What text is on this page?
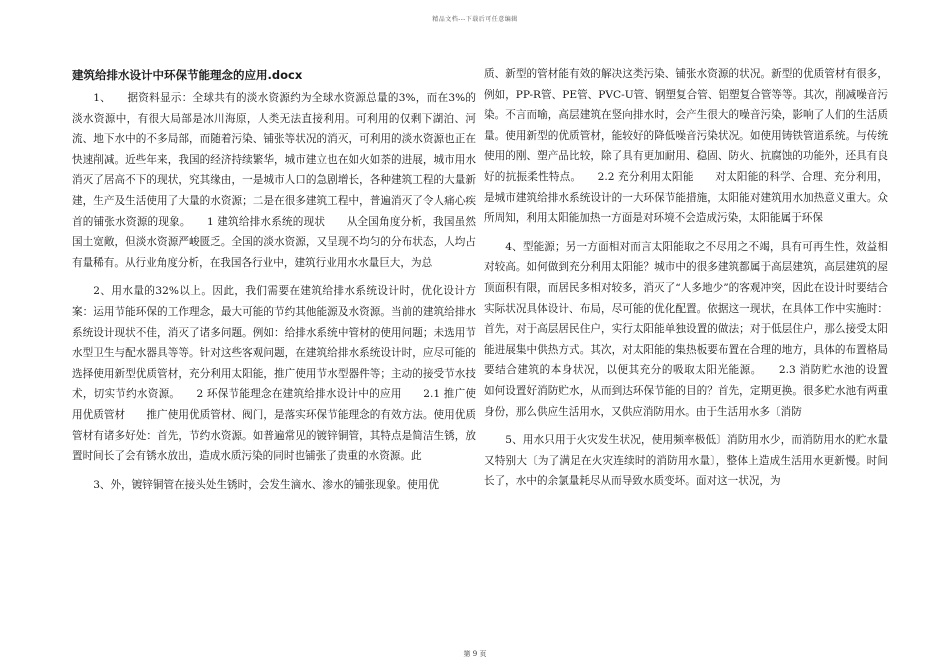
精品文档---下载后可任意编辑
建筑给排水设计中环保节能理念的应用.docx

1、　　据资料显示：全球共有的淡水资源约为全球水资源总量的3%，而在3%的淡水资源中，有很大局部是冰川海原，人类无法直接利用。可利用的仅剩下湖泊、河流、地下水中的不多局部，而随着污染、铺张等状况的消灭，可利用的淡水资源也正在快速削减。近些年来，我国的经济持续繁华，城市建立也在如火如荼的进展，城市用水消灭了居高不下的现状，究其缘由，一是城市人口的急剧增长，各种建筑工程的大量新建，生产及生活使用了大量的水资源；二是在很多建筑工程中，普遍消灭了令人痛心疾首的铺张水资源的现象。　　1 建筑给排水系统的现状　　从全国角度分析，我国虽然国土宽敞，但淡水资源严峻匮乏。全国的淡水资源，又呈现不均匀的分布状态，人均占有量稀有。从行业角度分析，在我国各行业中，建筑行业用水水量巨大，为总

2、用水量的32%以上。因此，我们需要在建筑给排水系统设计时，优化设计方案：运用节能环保的工作理念，最大可能的节约其他能源及水资源。当前的建筑给排水系统设计现状不佳，消灭了诸多问题。例如：给排水系统中管材的使用问题；未选用节水型卫生与配水器具等等。针对这些客观问题，在建筑给排水系统设计时，应尽可能的选择使用新型优质管材，充分利用太阳能，推广使用节水型器件等；主动的接受节水技术，切实节约水资源。　　2 环保节能理念在建筑给排水设计中的应用　　2.1 推广使用优质管材　　推广使用优质管材、阀门，是落实环保节能理念的有效方法。使用优质管材有诸多好处：首先，节约水资源。如普遍常见的镀锌铜管，其特点是简洁生锈，放置时间长了会有锈水放出，造成水质污染的同时也铺张了贵重的水资源。此

3、外，镀锌铜管在接头处生锈时，会发生滴水、渗水的铺张现象。使用优

质、新型的管材能有效的解决这类污染、铺张水资源的状况。新型的优质管材有很多，例如，PP-R管、PE管、PVC-U管、钢塑复合管、铝塑复合管等等。其次，削减噪音污染。不言而喻，高层建筑在竖向排水时，会产生很大的噪音污染，影响了人们的生活质量。使用新型的优质管材，能较好的降低噪音污染状况。如使用铸铁管道系统。与传统使用的刚、塑产品比较，除了具有更加耐用、稳固、防火、抗腐蚀的功能外，还具有良好的抗振柔性特点。　　2.2 充分利用太阳能　　对太阳能的科学、合理、充分利用，是城市建筑给排水系统设计的一大环保节能措施，太阳能对建筑用水加热意义重大。众所周知，利用太阳能加热一方面是对环境不会造成污染，太阳能属于环保

4、型能源；另一方面相对而言太阳能取之不尽用之不竭，具有可再生性，效益相对较高。如何做到充分利用太阳能？城市中的很多建筑都属于高层建筑，高层建筑的屋顶面积有限，而居民多相对较多，消灭了“人多地少”的客观冲突，因此在设计时要结合实际状况具体设计、布局，尽可能的优化配置。依据这一现状，在具体工作中实施时：首先，对于高层居民住户，实行太阳能单独设置的做法；对于低层住户，那么接受太阳能进展集中供热方式。其次，对太阳能的集热板要布置在合理的地方，具体的布置格局要结合建筑的本身状况，以便其充分的吸取太阳光能源。　　2.3 消防贮水池的设置　　如何设置好消防贮水，从而到达环保节能的目的？首先，定期更换。很多贮水池有两重身份，那么供应生活用水，又供应消防用水。由于生活用水多〔消防

5、用水只用于火灾发生状况，使用频率极低〕消防用水少，而消防用水的贮水量又特别大〔为了满足在火灾连续时的消防用水量〕，整体上造成生活用水更新慢。时间长了，水中的余氯量耗尽从而导致水质变坏。面对这一状况，为

第 9 页
